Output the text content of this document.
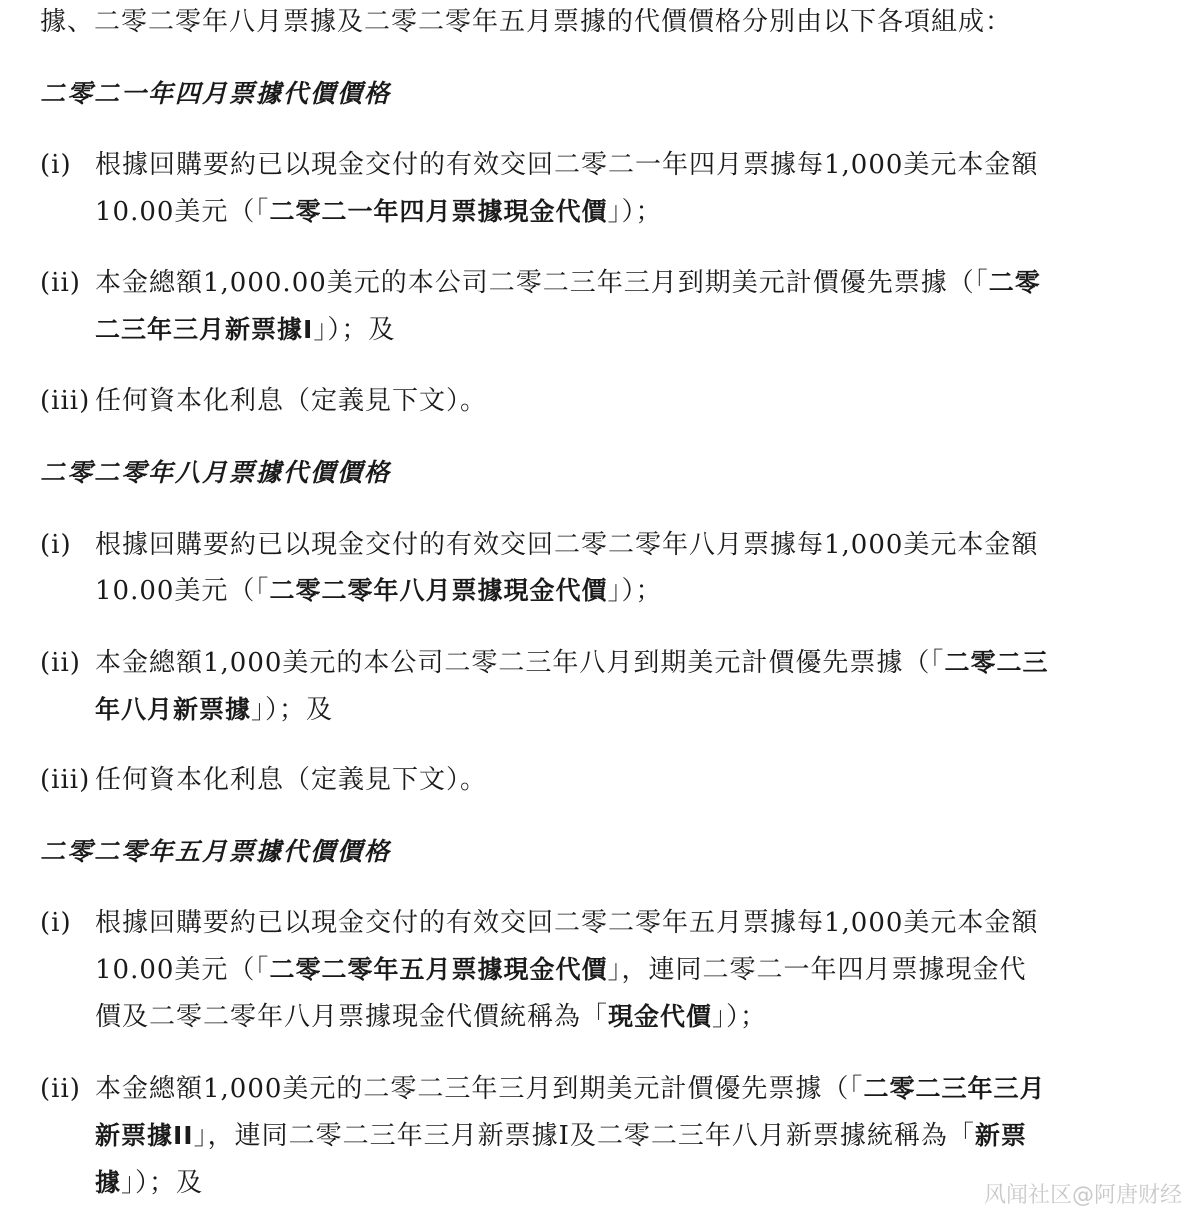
據、二零二零年八月票據及二零二零年五月票據的代價價格分別由以下各項組成：
二零二一年四月票據代價價格
(i) 根據回購要約已以現金交付的有效交回二零二一年四月票據每1,000美元本金額
10.00美元（「二零二一年四月票據現金代價」）；
(ii) 本金總額1,000.00美元的本公司二零二三年三月到期美元計價優先票據（「二零
二三年三月新票據I」）；及
(iii) 任何資本化利息（定義見下文）。
二零二零年八月票據代價價格
(i) 根據回購要約已以現金交付的有效交回二零二零年八月票據每1,000美元本金額
10.00美元（「二零二零年八月票據現金代價」）；
(ii) 本金總額1,000美元的本公司二零二三年八月到期美元計價優先票據（「二零二三
年八月新票據」）；及
(iii) 任何資本化利息（定義見下文）。
二零二零年五月票據代價價格
(i) 根據回購要約已以現金交付的有效交回二零二零年五月票據每1,000美元本金額
10.00美元（「二零二零年五月票據現金代價」，連同二零二一年四月票據現金代
價及二零二零年八月票據現金代價統稱為「現金代價」）；
(ii) 本金總額1,000美元的二零二三年三月到期美元計價優先票據（「二零二三年三月
新票據II」，連同二零二三年三月新票據I及二零二三年八月新票據統稱為「新票
據」）；及	风闻社区@阿唐财经
